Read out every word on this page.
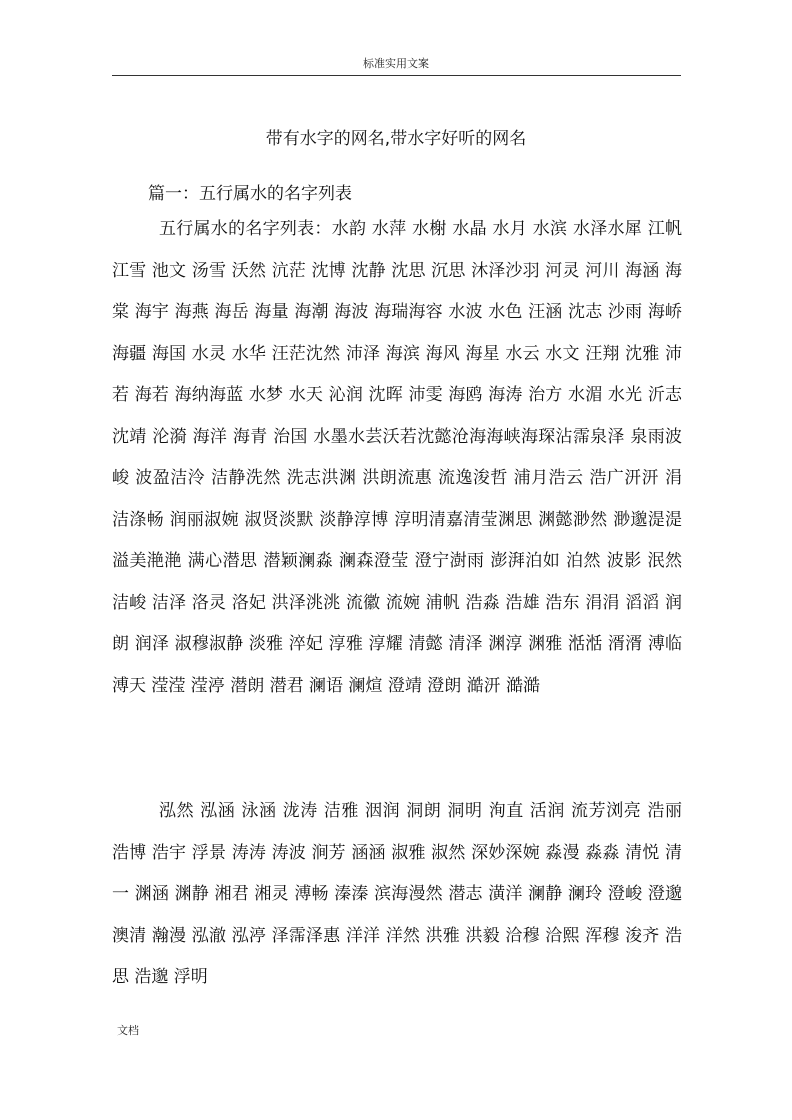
标准实用文案
带有水字的网名,带水字好听的网名
篇一：五行属水的名字列表
五行属水的名字列表：水韵 水萍 水榭 水晶 水月 水滨 水泽水犀 江帆 江雪 池文 汤雪 沃然 沆茫 沈博 沈静 沈思 沉思 沐泽沙羽 河灵 河川 海涵 海棠 海宇 海燕 海岳 海量 海潮 海波 海瑞海容 水波 水色 汪涵 沈志 沙雨 海峤 海疆 海国 水灵 水华 汪茫沈然 沛泽 海滨 海风 海星 水云 水文 汪翔 沈雅 沛若 海若 海纳海蓝 水梦 水天 沁润 沈晖 沛雯 海鸥 海涛 治方 水湄 水光 沂志沈靖 沦漪 海洋 海青 治国 水墨水芸沃若沈懿沧海海峡海琛沾霈泉泽 泉雨波峻 波盈洁泠 洁静洗然 洗志洪渊 洪朗流惠 流逸浚哲 浦月浩云 浩广汧汧 涓洁涤畅 润丽淑婉 淑贤淡默 淡静淳博 淳明清嘉清莹渊思 渊懿渺然 渺邈湜湜 溢美滟滟 满心潜思 潜颖澜淼 澜森澄莹 澄宁澍雨 澎湃泊如 泊然 波影 泯然 洁峻 洁泽 洛灵 洛妃 洪泽洮洮 流徽 流婉 浦帆 浩淼 浩雄 浩东 涓涓 滔滔 润朗 润泽 淑穆淑静 淡雅 淬妃 淳雅 淳耀 清懿 清泽 渊淳 渊雅 湉湉 湑湑 溥临溥天 滢滢 滢渟 潜朗 潜君 澜语 澜煊 澄靖 澄朗 澔汧 澔澔
泓然 泓涵 泳涵 泷涛 洁雅 洇润 洞朗 洞明 洵直 活润 流芳浏亮 浩丽 浩博 浩宇 浮景 涛涛 涛波 涧芳 涵涵 淑雅 淑然 深妙深婉 淼漫 淼淼 清悦 清一 渊涵 渊静 湘君 湘灵 溥畅 溱溱 滨海漫然 潜志 潢洋 澜静 澜玲 澄峻 澄邈 澳清 瀚漫 泓澈 泓渟 泽霈泽惠 洋洋 洋然 洪雅 洪毅 洽穆 洽熙 浑穆 浚齐 浩思 浩邈 浮明
文档
